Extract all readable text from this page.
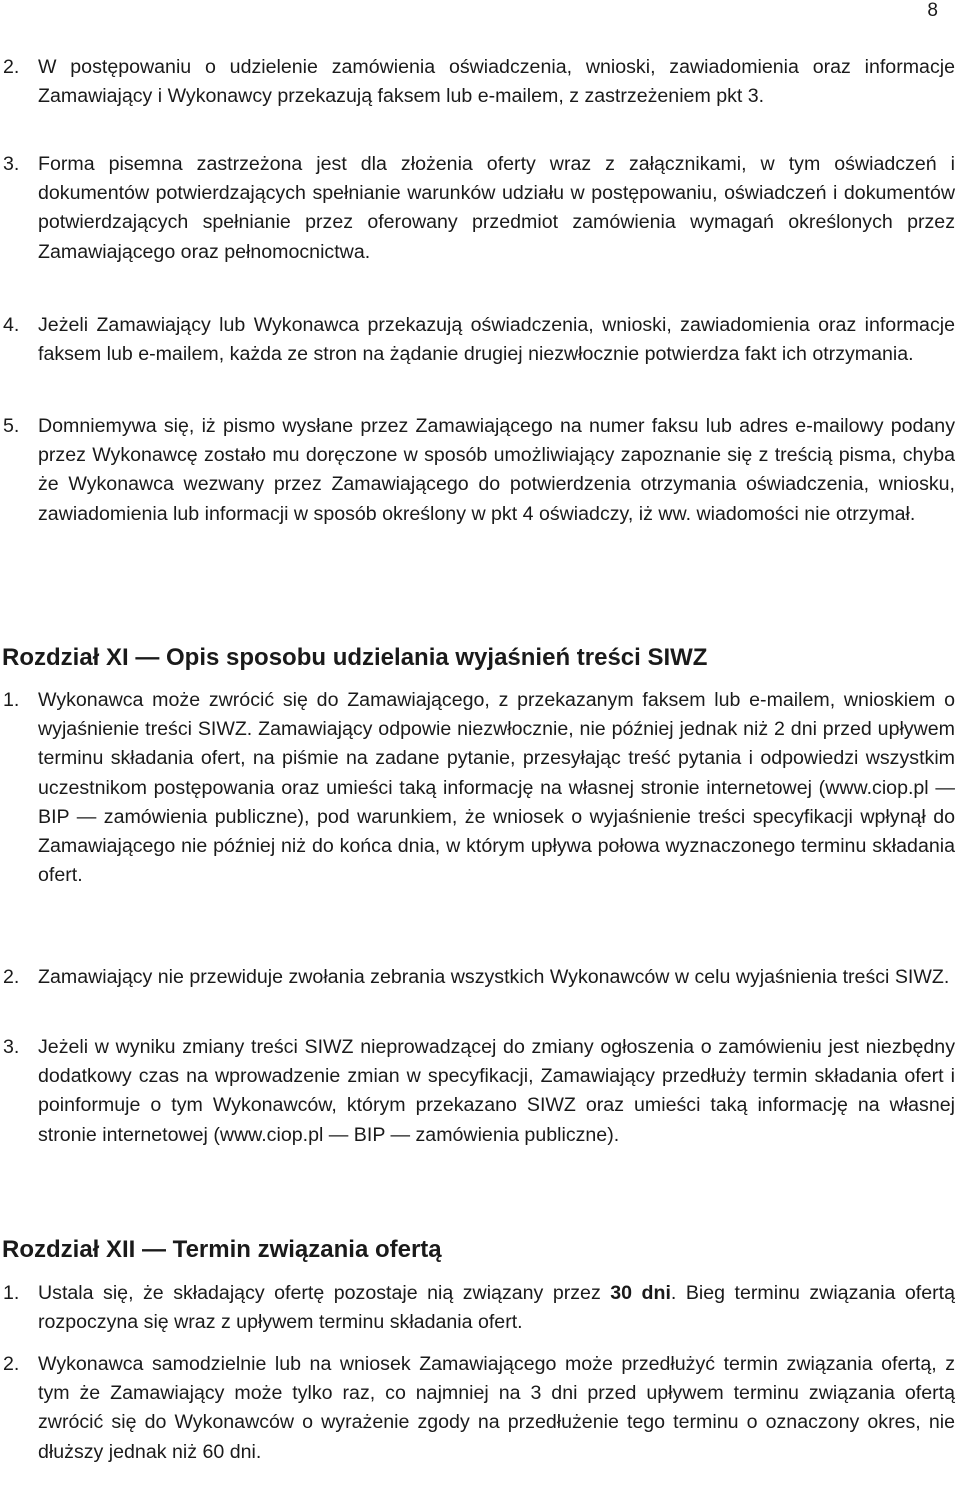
8
2. W postępowaniu o udzielenie zamówienia oświadczenia, wnioski, zawiadomienia oraz informacje Zamawiający i Wykonawcy przekazują faksem lub e-mailem, z zastrzeżeniem pkt 3.
3. Forma pisemna zastrzeżona jest dla złożenia oferty wraz z załącznikami, w tym oświadczeń i dokumentów potwierdzających spełnianie warunków udziału w postępowaniu, oświadczeń i dokumentów potwierdzających spełnianie przez oferowany przedmiot zamówienia wymagań określonych przez Zamawiającego oraz pełnomocnictwa.
4. Jeżeli Zamawiający lub Wykonawca przekazują oświadczenia, wnioski, zawiadomienia oraz informacje faksem lub e-mailem, każda ze stron na żądanie drugiej niezwłocznie potwierdza fakt ich otrzymania.
5. Domniemywa się, iż pismo wysłane przez Zamawiającego na numer faksu lub adres e-mailowy podany przez Wykonawcę zostało mu doręczone w sposób umożliwiający zapoznanie się z treścią pisma, chyba że Wykonawca wezwany przez Zamawiającego do potwierdzenia otrzymania oświadczenia, wniosku, zawiadomienia lub informacji w sposób określony w pkt 4 oświadczy, iż ww. wiadomości nie otrzymał.
Rozdział XI — Opis sposobu udzielania wyjaśnień treści SIWZ
1. Wykonawca może zwrócić się do Zamawiającego, z przekazanym faksem lub e-mailem, wnioskiem o wyjaśnienie treści SIWZ. Zamawiający odpowie niezwłocznie, nie później jednak niż 2 dni przed upływem terminu składania ofert, na piśmie na zadane pytanie, przesyłając treść pytania i odpowiedzi wszystkim uczestnikom postępowania oraz umieści taką informację na własnej stronie internetowej (www.ciop.pl — BIP — zamówienia publiczne), pod warunkiem, że wniosek o wyjaśnienie treści specyfikacji wpłynął do Zamawiającego nie później niż do końca dnia, w którym upływa połowa wyznaczonego terminu składania ofert.
2. Zamawiający nie przewiduje zwołania zebrania wszystkich Wykonawców w celu wyjaśnienia treści SIWZ.
3. Jeżeli w wyniku zmiany treści SIWZ nieprowadzącej do zmiany ogłoszenia o zamówieniu jest niezbędny dodatkowy czas na wprowadzenie zmian w specyfikacji, Zamawiający przedłuży termin składania ofert i poinformuje o tym Wykonawców, którym przekazano SIWZ oraz umieści taką informację na własnej stronie internetowej (www.ciop.pl — BIP — zamówienia publiczne).
Rozdział XII — Termin związania ofertą
1. Ustala się, że składający ofertę pozostaje nią związany przez 30 dni. Bieg terminu związania ofertą rozpoczyna się wraz z upływem terminu składania ofert.
2. Wykonawca samodzielnie lub na wniosek Zamawiającego może przedłużyć termin związania ofertą, z tym że Zamawiający może tylko raz, co najmniej na 3 dni przed upływem terminu związania ofertą zwrócić się do Wykonawców o wyrażenie zgody na przedłużenie tego terminu o oznaczony okres, nie dłuższy jednak niż 60 dni.
